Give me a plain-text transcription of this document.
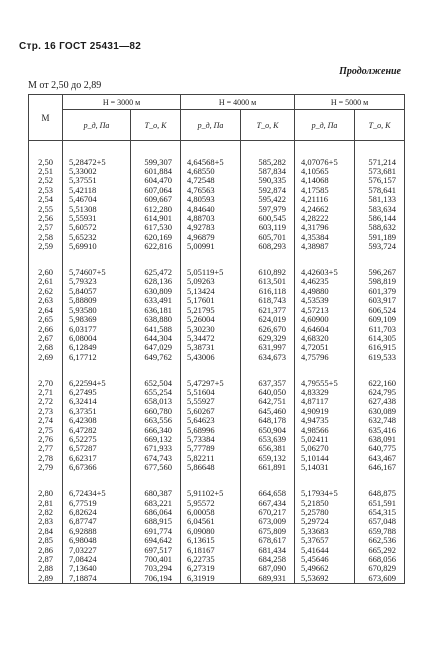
Стр. 16 ГОСТ 25431—82
Продолжение
М от 2,50 до 2,89
М	Н = 3000 м		Н = 4000 м		Н = 5000 м	
	p_д, Па	T_о, К	p_д, Па	T_о, К	p_д, Па	T_о, К

2,50	5,28472+5	599,307	4,64568+5	585,282	4,07076+5	571,214
2,51	5,33002	601,884	4,68550	587,834	4,10565	573,681
2,52	5,37551	604,470	4,72548	590,335	4,14068	576,157
2,53	5,42118	607,064	4,76563	592,874	4,17585	578,641
2,54	5,46704	609,667	4,80593	595,422	4,21116	581,133
2,55	5,51308	612,280	4,84640	597,979	4,24662	583,634
2,56	5,55931	614,901	4,88703	600,545	4,28222	586,144
2,57	5,60572	617,530	4,92783	603,119	4,31796	588,632
2,58	5,65232	620,169	4,96879	605,701	4,35384	591,189
2,59	5,69910	622,816	5,00991	608,293	4,38987	593,724

2,60	5,74607+5	625,472	5,05119+5	610,892	4,42603+5	596,267
2,61	5,79323	628,136	5,09263	613,501	4,46235	598,819
2,62	5,84057	630,809	5,13424	616,118	4,49880	601,379
2,63	5,88809	633,491	5,17601	618,743	4,53539	603,917
2,64	5,93580	636,181	5,21795	621,377	4,57213	606,524
2,65	5,98369	638,880	5,26004	624,019	4,60900	609,109
2,66	6,03177	641,588	5,30230	626,670	4,64604	611,703
2,67	6,08004	644,304	5,34472	629,329	4,68320	614,305
2,68	6,12849	647,029	5,38731	631,997	4,72051	616,915
2,69	6,17712	649,762	5,43006	634,673	4,75796	619,533

2,70	6,22594+5	652,504	5,47297+5	637,357	4,79555+5	622,160
2,71	6,27495	655,254	5,51604	640,050	4,83329	624,795
2,72	6,32414	658,013	5,55927	642,751	4,87117	627,438
2,73	6,37351	660,780	5,60267	645,460	4,90919	630,089
2,74	6,42308	663,556	5,64623	648,178	4,94735	632,748
2,75	6,47282	666,340	5,68996	650,904	4,98566	635,416
2,76	6,52275	669,132	5,73384	653,639	5,02411	638,091
2,77	6,57287	671,933	5,77789	656,381	5,06270	640,775
2,78	6,62317	674,743	5,82211	659,132	5,10144	643,467
2,79	6,67366	677,560	5,86648	661,891	5,14031	646,167

2,80	6,72434+5	680,387	5,91102+5	664,658	5,17934+5	648,875
2,81	6,77519	683,221	5,95572	667,434	5,21850	651,591
2,82	6,82624	686,064	6,00058	670,217	5,25780	654,315
2,83	6,87747	688,915	6,04561	673,009	5,29724	657,048
2,84	6,92888	691,774	6,09080	675,809	5,33683	659,788
2,85	6,98048	694,642	6,13615	678,617	5,37657	662,536
2,86	7,03227	697,517	6,18167	681,434	5,41644	665,292
2,87	7,08424	700,401	6,22735	684,258	5,45646	668,056
2,88	7,13640	703,294	6,27319	687,090	5,49662	670,829
2,89	7,18874	706,194	6,31919	689,931	5,53692	673,609
